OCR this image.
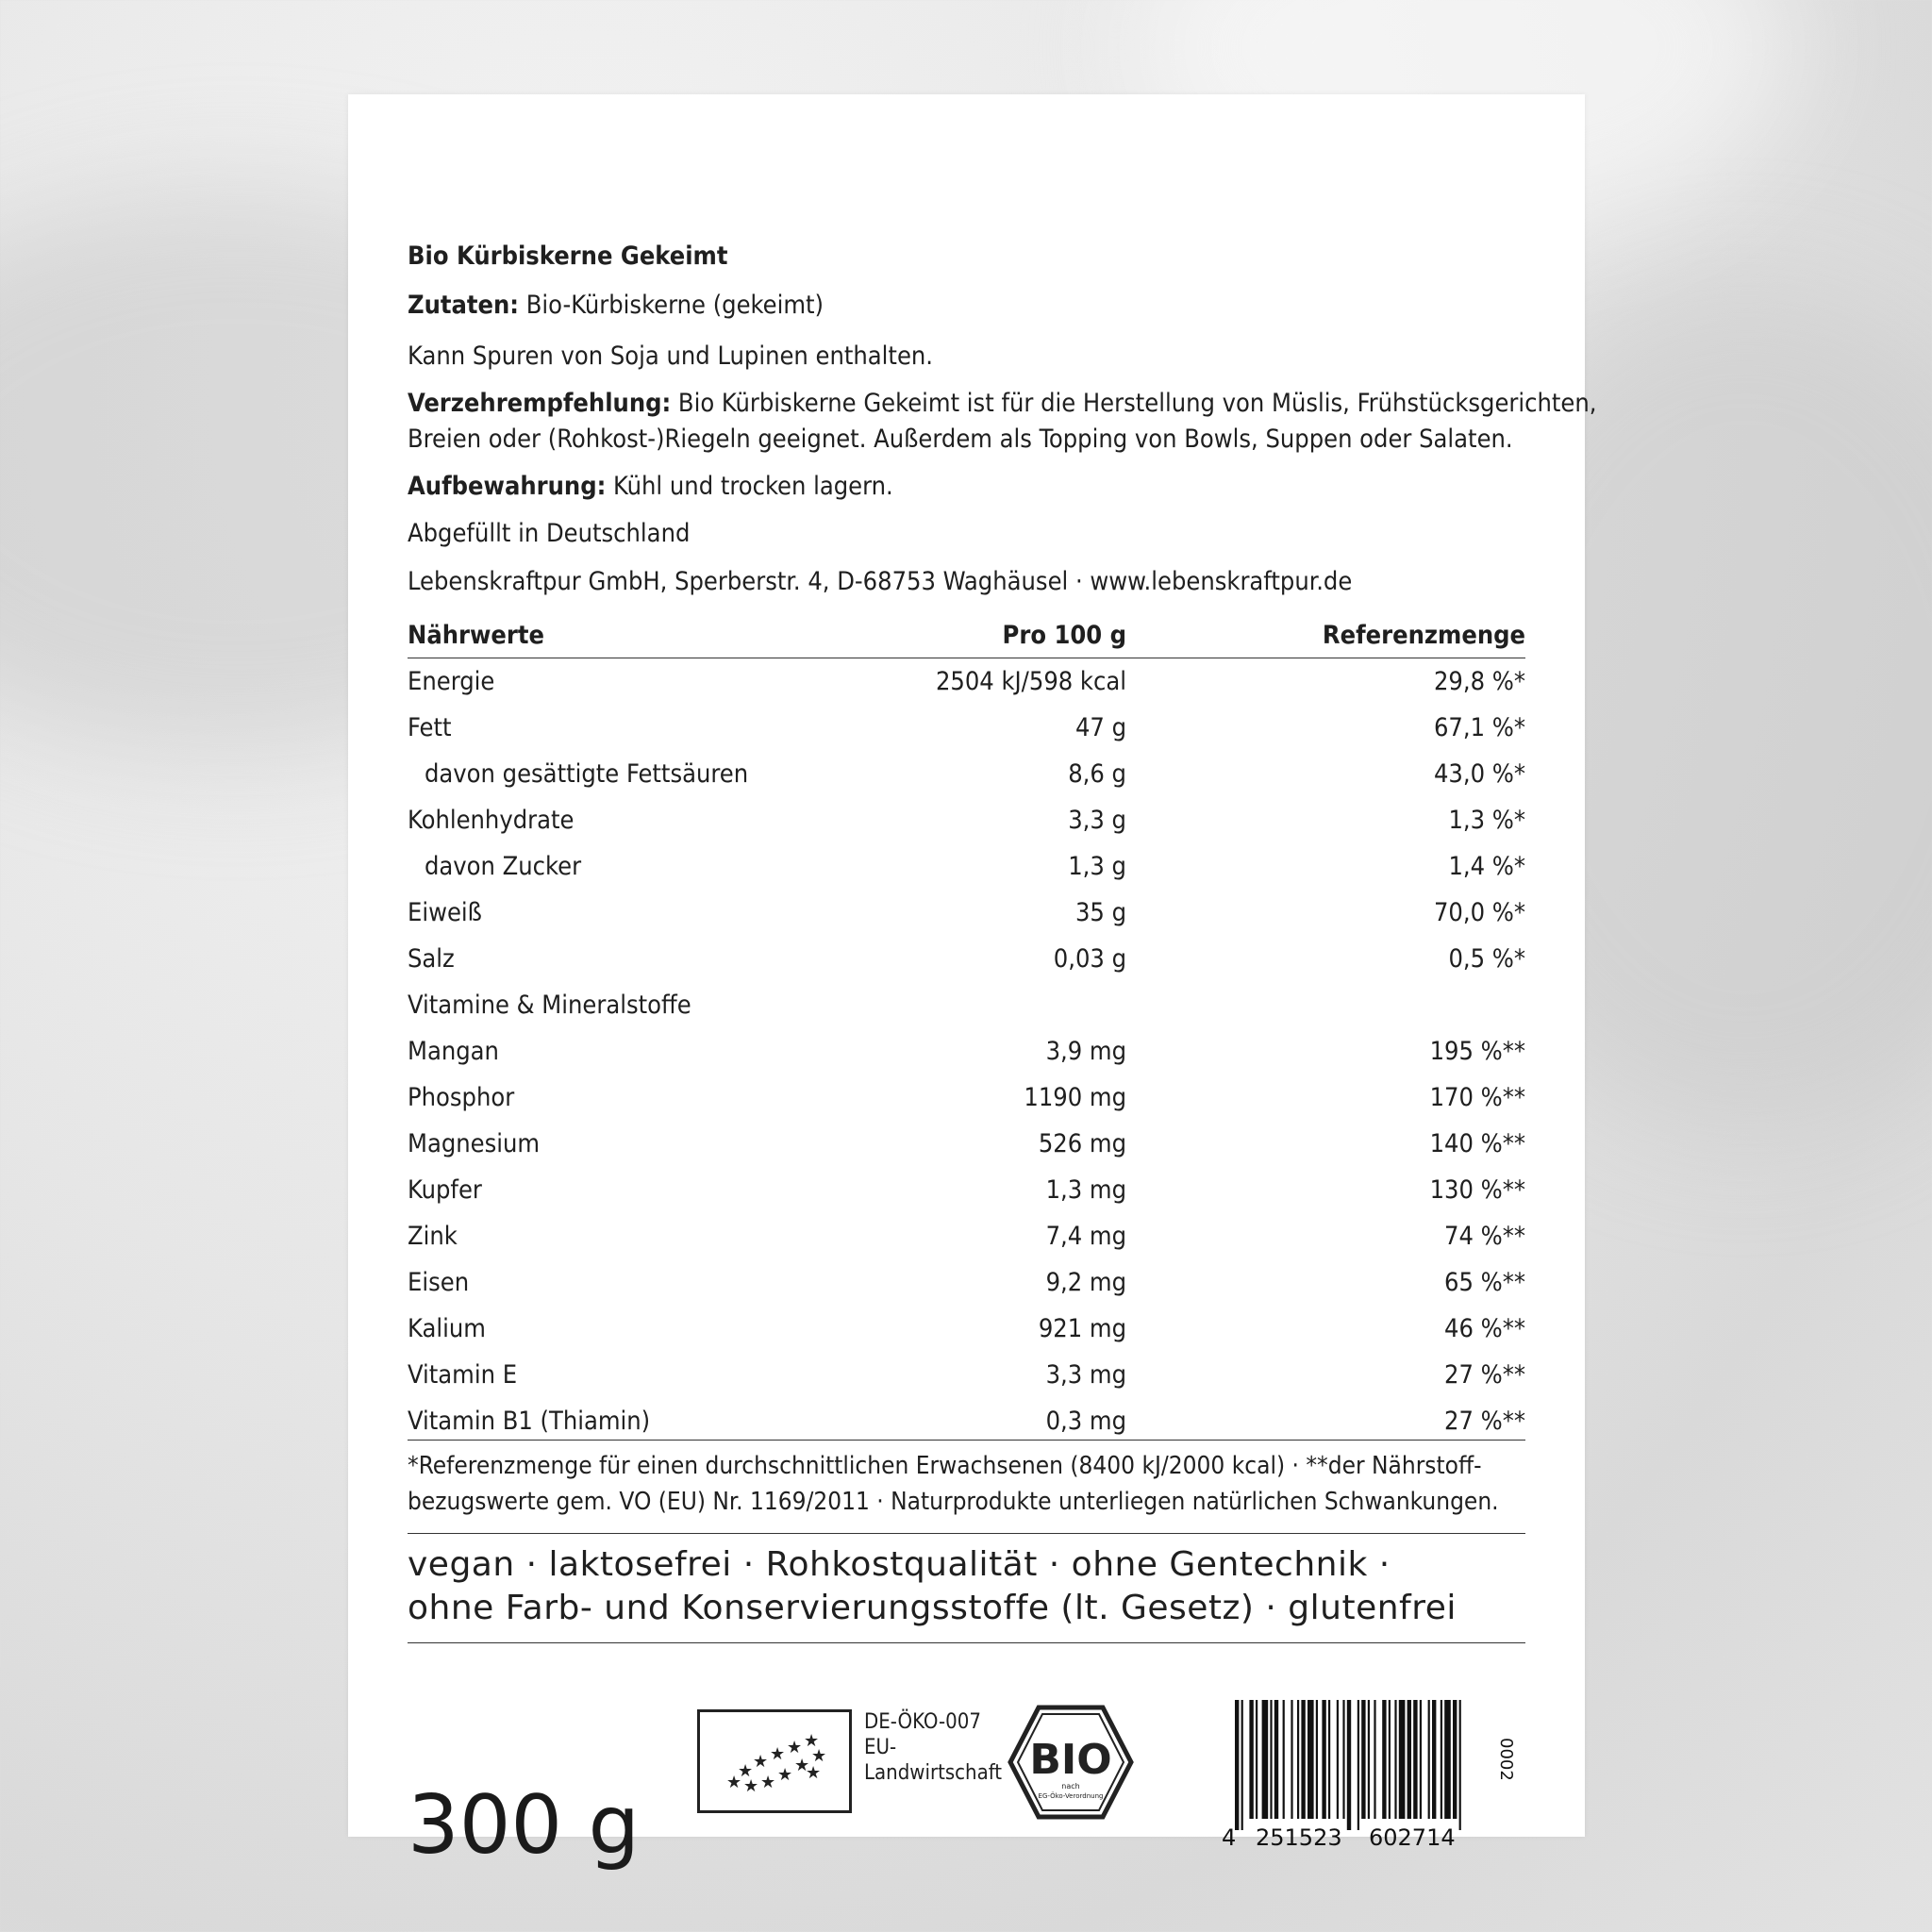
Bio Kürbiskerne Gekeimt
Zutaten: Bio-Kürbiskerne (gekeimt)
Kann Spuren von Soja und Lupinen enthalten.
Verzehrempfehlung: Bio Kürbiskerne Gekeimt ist für die Herstellung von Müslis, Frühstücksgerichten,
Breien oder (Rohkost-)Riegeln geeignet. Außerdem als Topping von Bowls, Suppen oder Salaten.
Aufbewahrung: Kühl und trocken lagern.
Abgefüllt in Deutschland
Lebenskraftpur GmbH, Sperberstr. 4, D-68753 Waghäusel · www.lebenskraftpur.de
Nährwerte	Pro 100 g	Referenzmenge
Energie	2504 kJ/598 kcal	29,8 %*
Fett	47 g	67,1 %*
davon gesättigte Fettsäuren	8,6 g	43,0 %*
Kohlenhydrate	3,3 g	1,3 %*
davon Zucker	1,3 g	1,4 %*
Eiweiß	35 g	70,0 %*
Salz	0,03 g	0,5 %*
Vitamine & Mineralstoffe
Mangan	3,9 mg	195 %**
Phosphor	1190 mg	170 %**
Magnesium	526 mg	140 %**
Kupfer	1,3 mg	130 %**
Zink	7,4 mg	74 %**
Eisen	9,2 mg	65 %**
Kalium	921 mg	46 %**
Vitamin E	3,3 mg	27 %**
Vitamin B1 (Thiamin)	0,3 mg	27 %**
*Referenzmenge für einen durchschnittlichen Erwachsenen (8400 kJ/2000 kcal) · **der Nährstoff-
bezugswerte gem. VO (EU) Nr. 1169/2011 · Naturprodukte unterliegen natürlichen Schwankungen.
vegan · laktosefrei · Rohkostqualität · ohne Gentechnik ·
ohne Farb- und Konservierungsstoffe (lt. Gesetz) · glutenfrei
300 g	★
★ ★ ★ ★ ★
★ ★ ★ ★ ★
★
DE-ÖKO-007
EU-
Landwirtschaft BIO
nach
EG-Öko-Verordnung
4 251523 602714
0002
